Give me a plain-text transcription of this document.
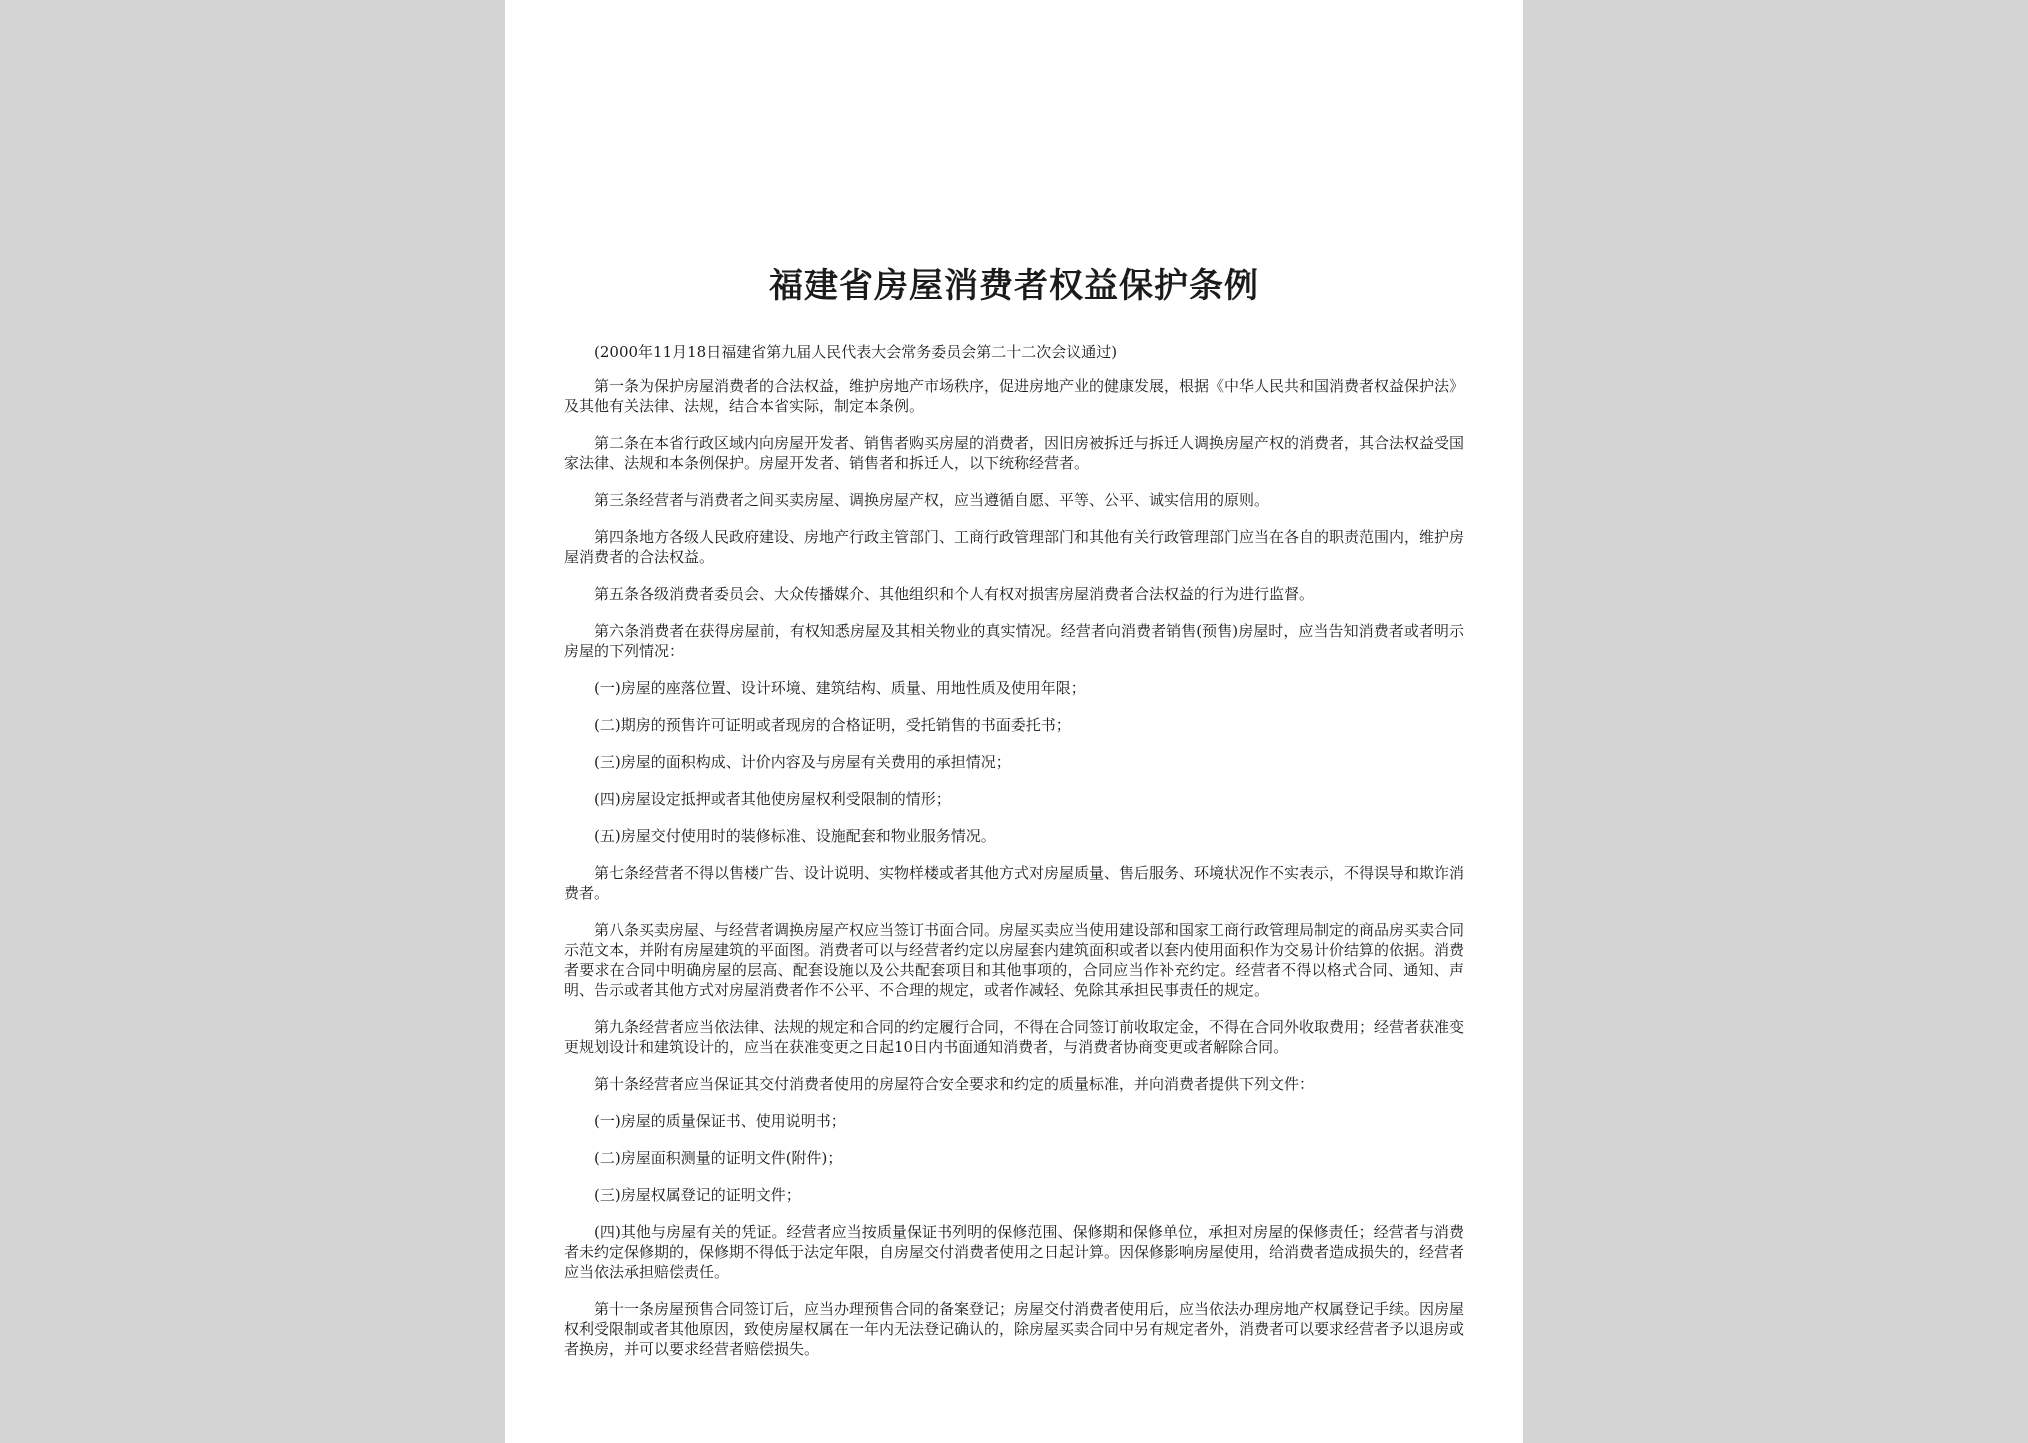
福建省房屋消费者权益保护条例

(2000年11月18日福建省第九届人民代表大会常务委员会第二十二次会议通过)

第一条为保护房屋消费者的合法权益，维护房地产市场秩序，促进房地产业的健康发展，根据《中华人民共和国消费者权益保护法》及其他有关法律、法规，结合本省实际，制定本条例。

第二条在本省行政区域内向房屋开发者、销售者购买房屋的消费者，因旧房被拆迁与拆迁人调换房屋产权的消费者，其合法权益受国家法律、法规和本条例保护。房屋开发者、销售者和拆迁人，以下统称经营者。

第三条经营者与消费者之间买卖房屋、调换房屋产权，应当遵循自愿、平等、公平、诚实信用的原则。

第四条地方各级人民政府建设、房地产行政主管部门、工商行政管理部门和其他有关行政管理部门应当在各自的职责范围内，维护房屋消费者的合法权益。

第五条各级消费者委员会、大众传播媒介、其他组织和个人有权对损害房屋消费者合法权益的行为进行监督。

第六条消费者在获得房屋前，有权知悉房屋及其相关物业的真实情况。经营者向消费者销售(预售)房屋时，应当告知消费者或者明示房屋的下列情况：

(一)房屋的座落位置、设计环境、建筑结构、质量、用地性质及使用年限；

(二)期房的预售许可证明或者现房的合格证明，受托销售的书面委托书；

(三)房屋的面积构成、计价内容及与房屋有关费用的承担情况；

(四)房屋设定抵押或者其他使房屋权利受限制的情形；

(五)房屋交付使用时的装修标准、设施配套和物业服务情况。

第七条经营者不得以售楼广告、设计说明、实物样楼或者其他方式对房屋质量、售后服务、环境状况作不实表示，不得误导和欺诈消费者。

第八条买卖房屋、与经营者调换房屋产权应当签订书面合同。房屋买卖应当使用建设部和国家工商行政管理局制定的商品房买卖合同示范文本，并附有房屋建筑的平面图。消费者可以与经营者约定以房屋套内建筑面积或者以套内使用面积作为交易计价结算的依据。消费者要求在合同中明确房屋的层高、配套设施以及公共配套项目和其他事项的，合同应当作补充约定。经营者不得以格式合同、通知、声明、告示或者其他方式对房屋消费者作不公平、不合理的规定，或者作减轻、免除其承担民事责任的规定。

第九条经营者应当依法律、法规的规定和合同的约定履行合同，不得在合同签订前收取定金，不得在合同外收取费用；经营者获准变更规划设计和建筑设计的，应当在获准变更之日起10日内书面通知消费者，与消费者协商变更或者解除合同。

第十条经营者应当保证其交付消费者使用的房屋符合安全要求和约定的质量标准，并向消费者提供下列文件：

(一)房屋的质量保证书、使用说明书；

(二)房屋面积测量的证明文件(附件)；

(三)房屋权属登记的证明文件；

(四)其他与房屋有关的凭证。经营者应当按质量保证书列明的保修范围、保修期和保修单位，承担对房屋的保修责任；经营者与消费者未约定保修期的，保修期不得低于法定年限，自房屋交付消费者使用之日起计算。因保修影响房屋使用，给消费者造成损失的，经营者应当依法承担赔偿责任。

第十一条房屋预售合同签订后，应当办理预售合同的备案登记；房屋交付消费者使用后，应当依法办理房地产权属登记手续。因房屋权利受限制或者其他原因，致使房屋权属在一年内无法登记确认的，除房屋买卖合同中另有规定者外，消费者可以要求经营者予以退房或者换房，并可以要求经营者赔偿损失。
